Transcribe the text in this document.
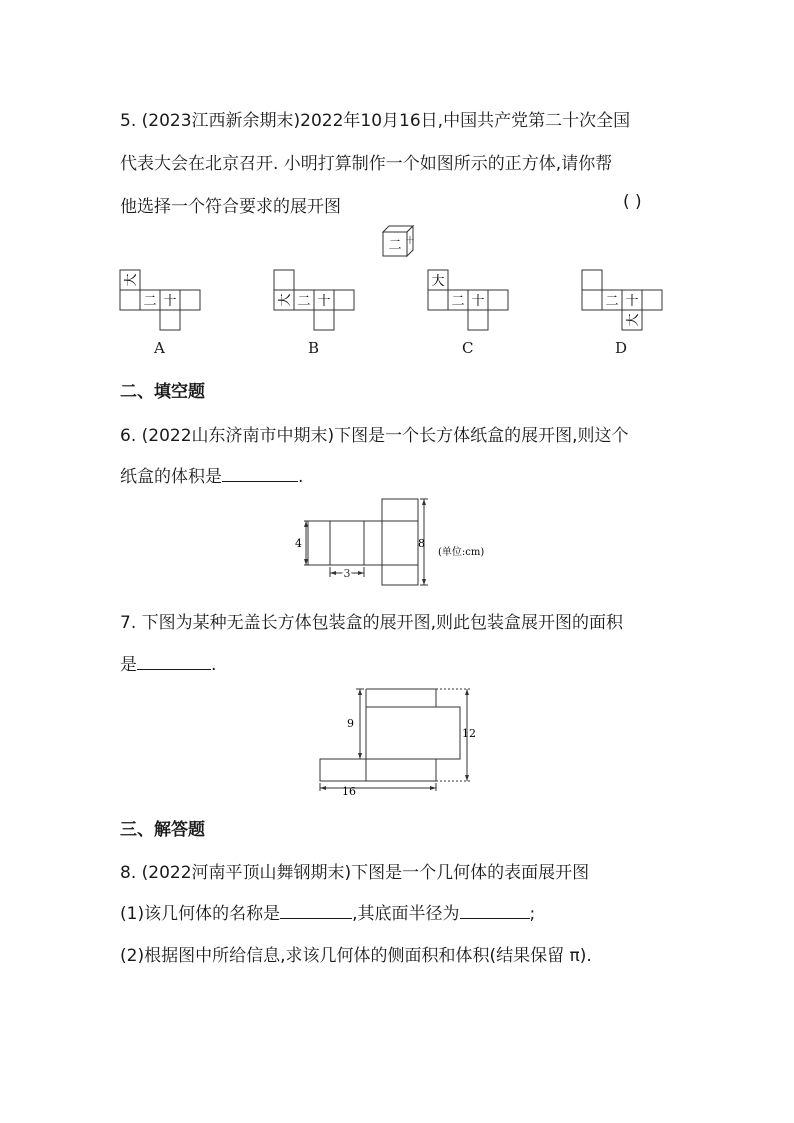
5. (2023江西新余期末)2022年10月16日,中国共产党第二十次全国
代表大会在北京召开. 小明打算制作一个如图所示的正方体,请你帮
他选择一个符合要求的展开图	( )
二 十
大
二 十
A
大 二 十
B
大
二 十
C
二 十
大
D
二、填空题
6. (2022山东济南市中期末)下图是一个长方体纸盒的展开图,则这个
纸盒的体积是	.
4
3
8
(单位:cm)
7. 下图为某种无盖长方体包装盒的展开图,则此包装盒展开图的面积
是	.
9
12
16
三、解答题
8. (2022河南平顶山舞钢期末)下图是一个几何体的表面展开图
(1)该几何体的名称是	,其底面半径为	;
(2)根据图中所给信息,求该几何体的侧面积和体积(结果保留 π).
